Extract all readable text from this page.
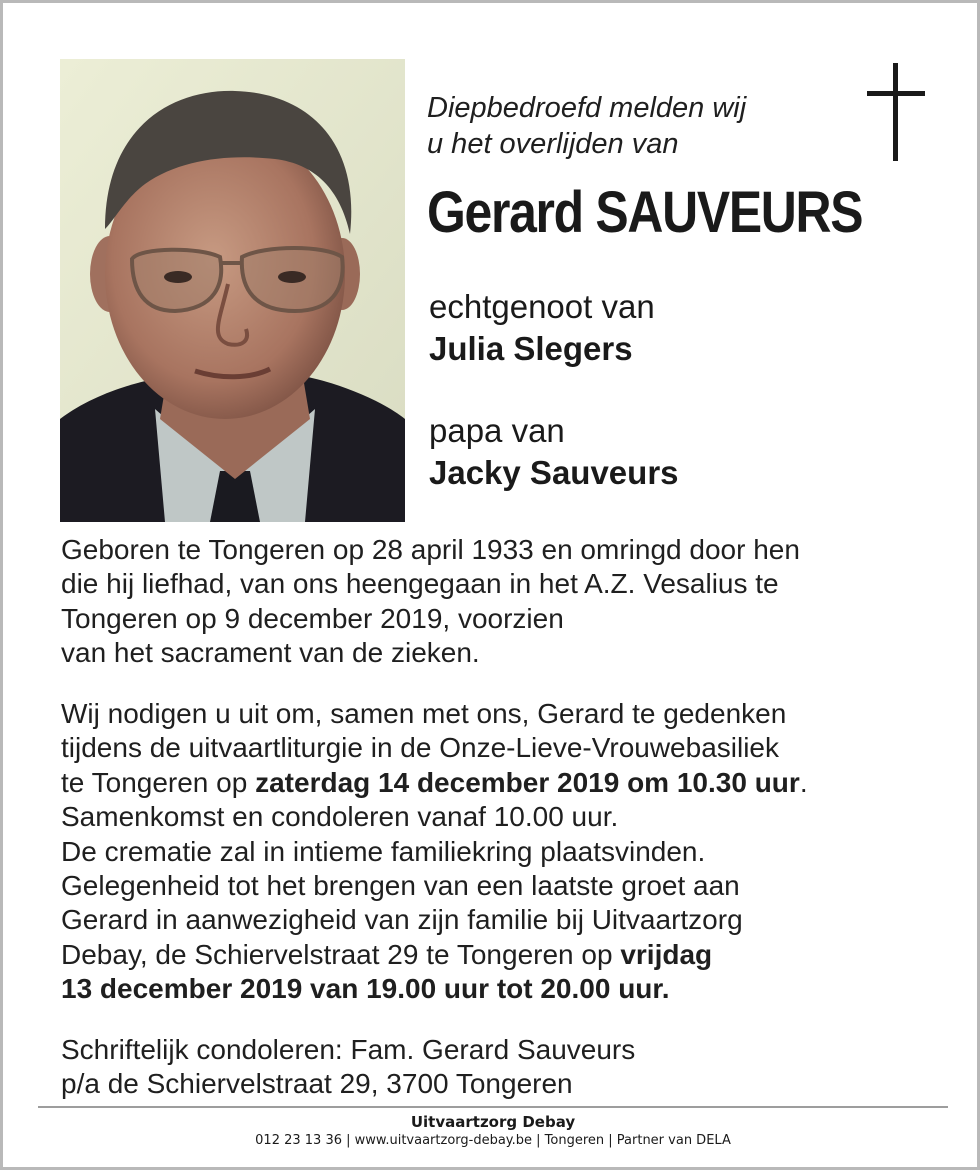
Diepbedroefd melden wij
u het overlijden van
Gerard SAUVEURS
echtgenoot van
Julia Slegers
papa van
Jacky Sauveurs
Geboren te Tongeren op 28 april 1933 en omringd door hen
die hij liefhad, van ons heengegaan in het A.Z. Vesalius te
Tongeren op 9 december 2019, voorzien
van het sacrament van de zieken.
Wij nodigen u uit om, samen met ons, Gerard te gedenken
tijdens de uitvaartliturgie in de Onze-Lieve-Vrouwebasiliek
te Tongeren op zaterdag 14 december 2019 om 10.30 uur.
Samenkomst en condoleren vanaf 10.00 uur.
De crematie zal in intieme familiekring plaatsvinden.
Gelegenheid tot het brengen van een laatste groet aan
Gerard in aanwezigheid van zijn familie bij Uitvaartzorg
Debay, de Schiervelstraat 29 te Tongeren op vrijdag
13 december 2019 van 19.00 uur tot 20.00 uur.
Schriftelijk condoleren: Fam. Gerard Sauveurs
p/a de Schiervelstraat 29, 3700 Tongeren
Uitvaartzorg Debay
012 23 13 36 | www.uitvaartzorg-debay.be | Tongeren | Partner van DELA
